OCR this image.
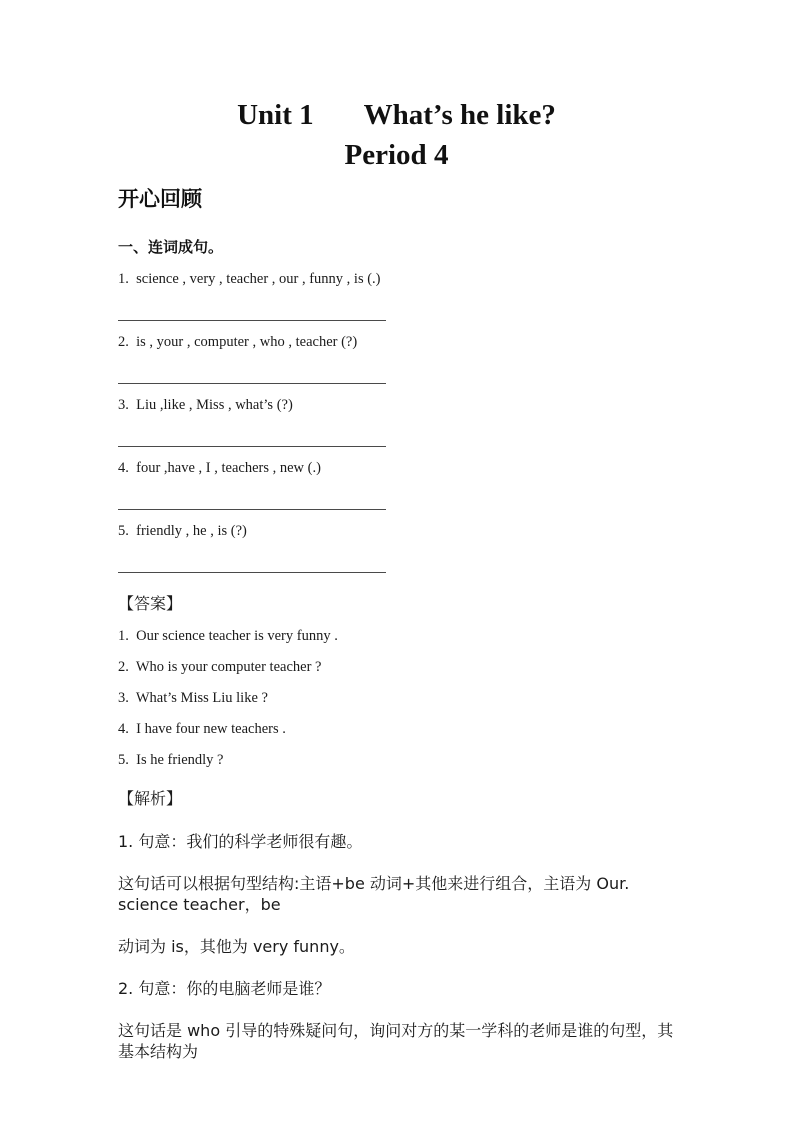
Unit 1 What’s he like?
Period 4
开心回顾
一、连词成句。
1.  science , very , teacher , our , funny , is (.)
2.  is , your , computer , who , teacher (?)
3.  Liu ,like , Miss , what’s (?)
4.  four ,have , I , teachers , new (.)
5.  friendly , he , is (?)
【答案】
1.  Our science teacher is very funny .
2.  Who is your computer teacher ?
3.  What’s Miss Liu like ?
4.  I have four new teachers .
5.  Is he friendly ?
【解析】
1. 句意：我们的科学老师很有趣。
这句话可以根据句型结构:主语+be 动词+其他来进行组合，主语为 Our.  science teacher，be
动词为 is，其他为 very funny。
2. 句意：你的电脑老师是谁？
这句话是 who 引导的特殊疑问句，询问对方的某一学科的老师是谁的句型，其基本结构为
